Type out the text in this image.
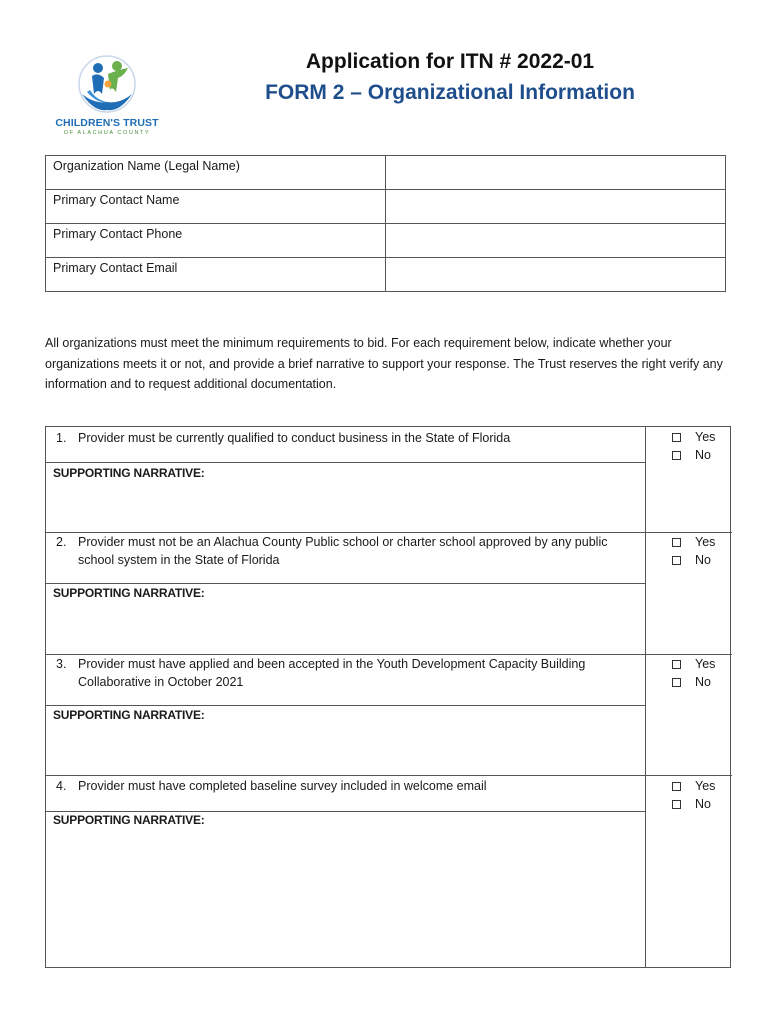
CHILDREN'S TRUST
OF ALACHUA COUNTY
Application for ITN # 2022-01
FORM 2 – Organizational Information
Organization Name (Legal Name)	
Primary Contact Name	
Primary Contact Phone	
Primary Contact Email	
All organizations must meet the minimum requirements to bid. For each requirement below, indicate whether your organizations meets it or not, and provide a brief narrative to support your response. The Trust reserves the right verify any information and to request additional documentation.
1. Provider must be currently qualified to conduct business in the State of Florida
SUPPORTING NARRATIVE:
Yes
No
2. Provider must not be an Alachua County Public school or charter school approved by any public school system in the State of Florida
SUPPORTING NARRATIVE:
Yes
No
3. Provider must have applied and been accepted in the Youth Development Capacity Building Collaborative in October 2021
SUPPORTING NARRATIVE:
Yes
No
4. Provider must have completed baseline survey included in welcome email
SUPPORTING NARRATIVE:
Yes
No
